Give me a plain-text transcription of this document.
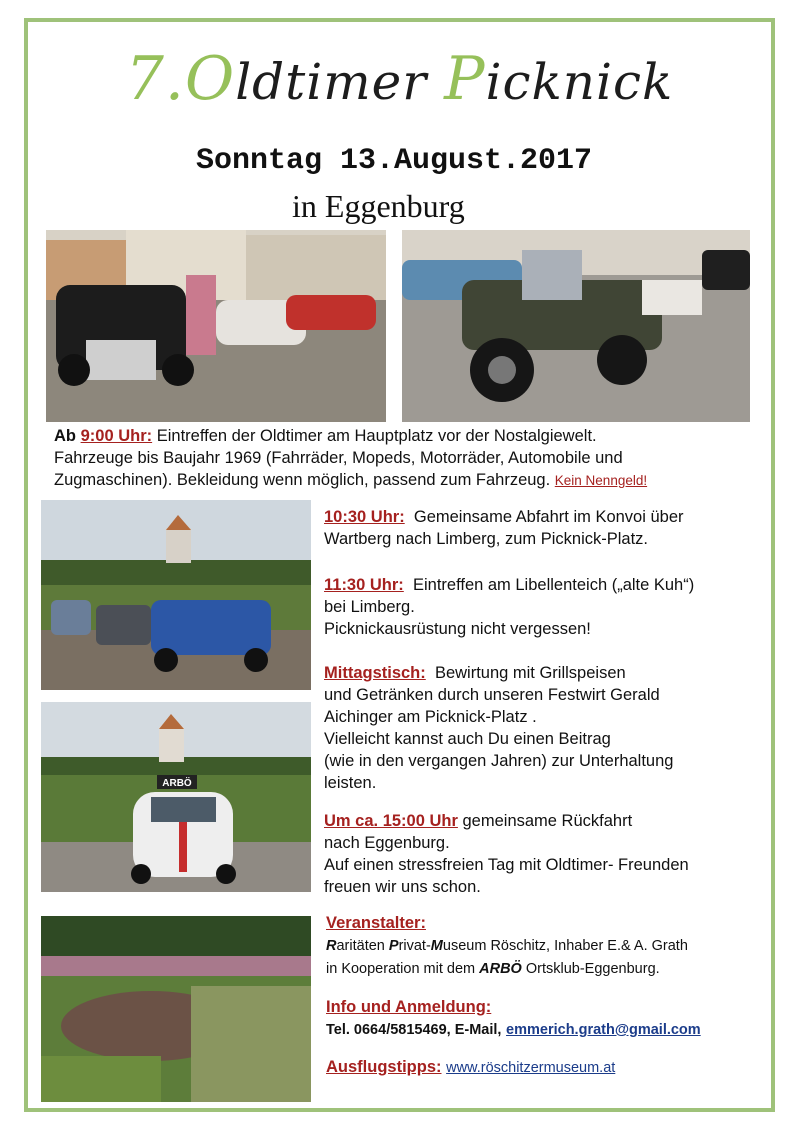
7.Oldtimer Picknick
Sonntag 13.August.2017
in Eggenburg
Ab 9:00 Uhr: Eintreffen der Oldtimer am Hauptplatz vor der Nostalgiewelt.
Fahrzeuge bis Baujahr 1969 (Fahrräder, Mopeds, Motorräder, Automobile und
Zugmaschinen). Bekleidung wenn möglich, passend zum Fahrzeug. Kein Nenngeld!
ARBÖ
10:30 Uhr: Gemeinsame Abfahrt im Konvoi über
Wartberg nach Limberg, zum Picknick-Platz.
11:30 Uhr: Eintreffen am Libellenteich („alte Kuh“)
bei Limberg.
Picknickausrüstung nicht vergessen!
Mittagstisch: Bewirtung mit Grillspeisen
und Getränken durch unseren Festwirt Gerald
Aichinger am Picknick-Platz .
Vielleicht kannst auch Du einen Beitrag
(wie in den vergangen Jahren) zur Unterhaltung
leisten.
Um ca. 15:00 Uhr gemeinsame Rückfahrt
nach Eggenburg.
Auf einen stressfreien Tag mit Oldtimer- Freunden
freuen wir uns schon.
Veranstalter:
Raritäten Privat-Museum Röschitz, Inhaber E.& A. Grath
in Kooperation mit dem ARBÖ Ortsklub-Eggenburg.
Info und Anmeldung:
Tel. 0664/5815469, E-Mail, emmerich.grath@gmail.com
Ausflugstipps: www.röschitzermuseum.at
